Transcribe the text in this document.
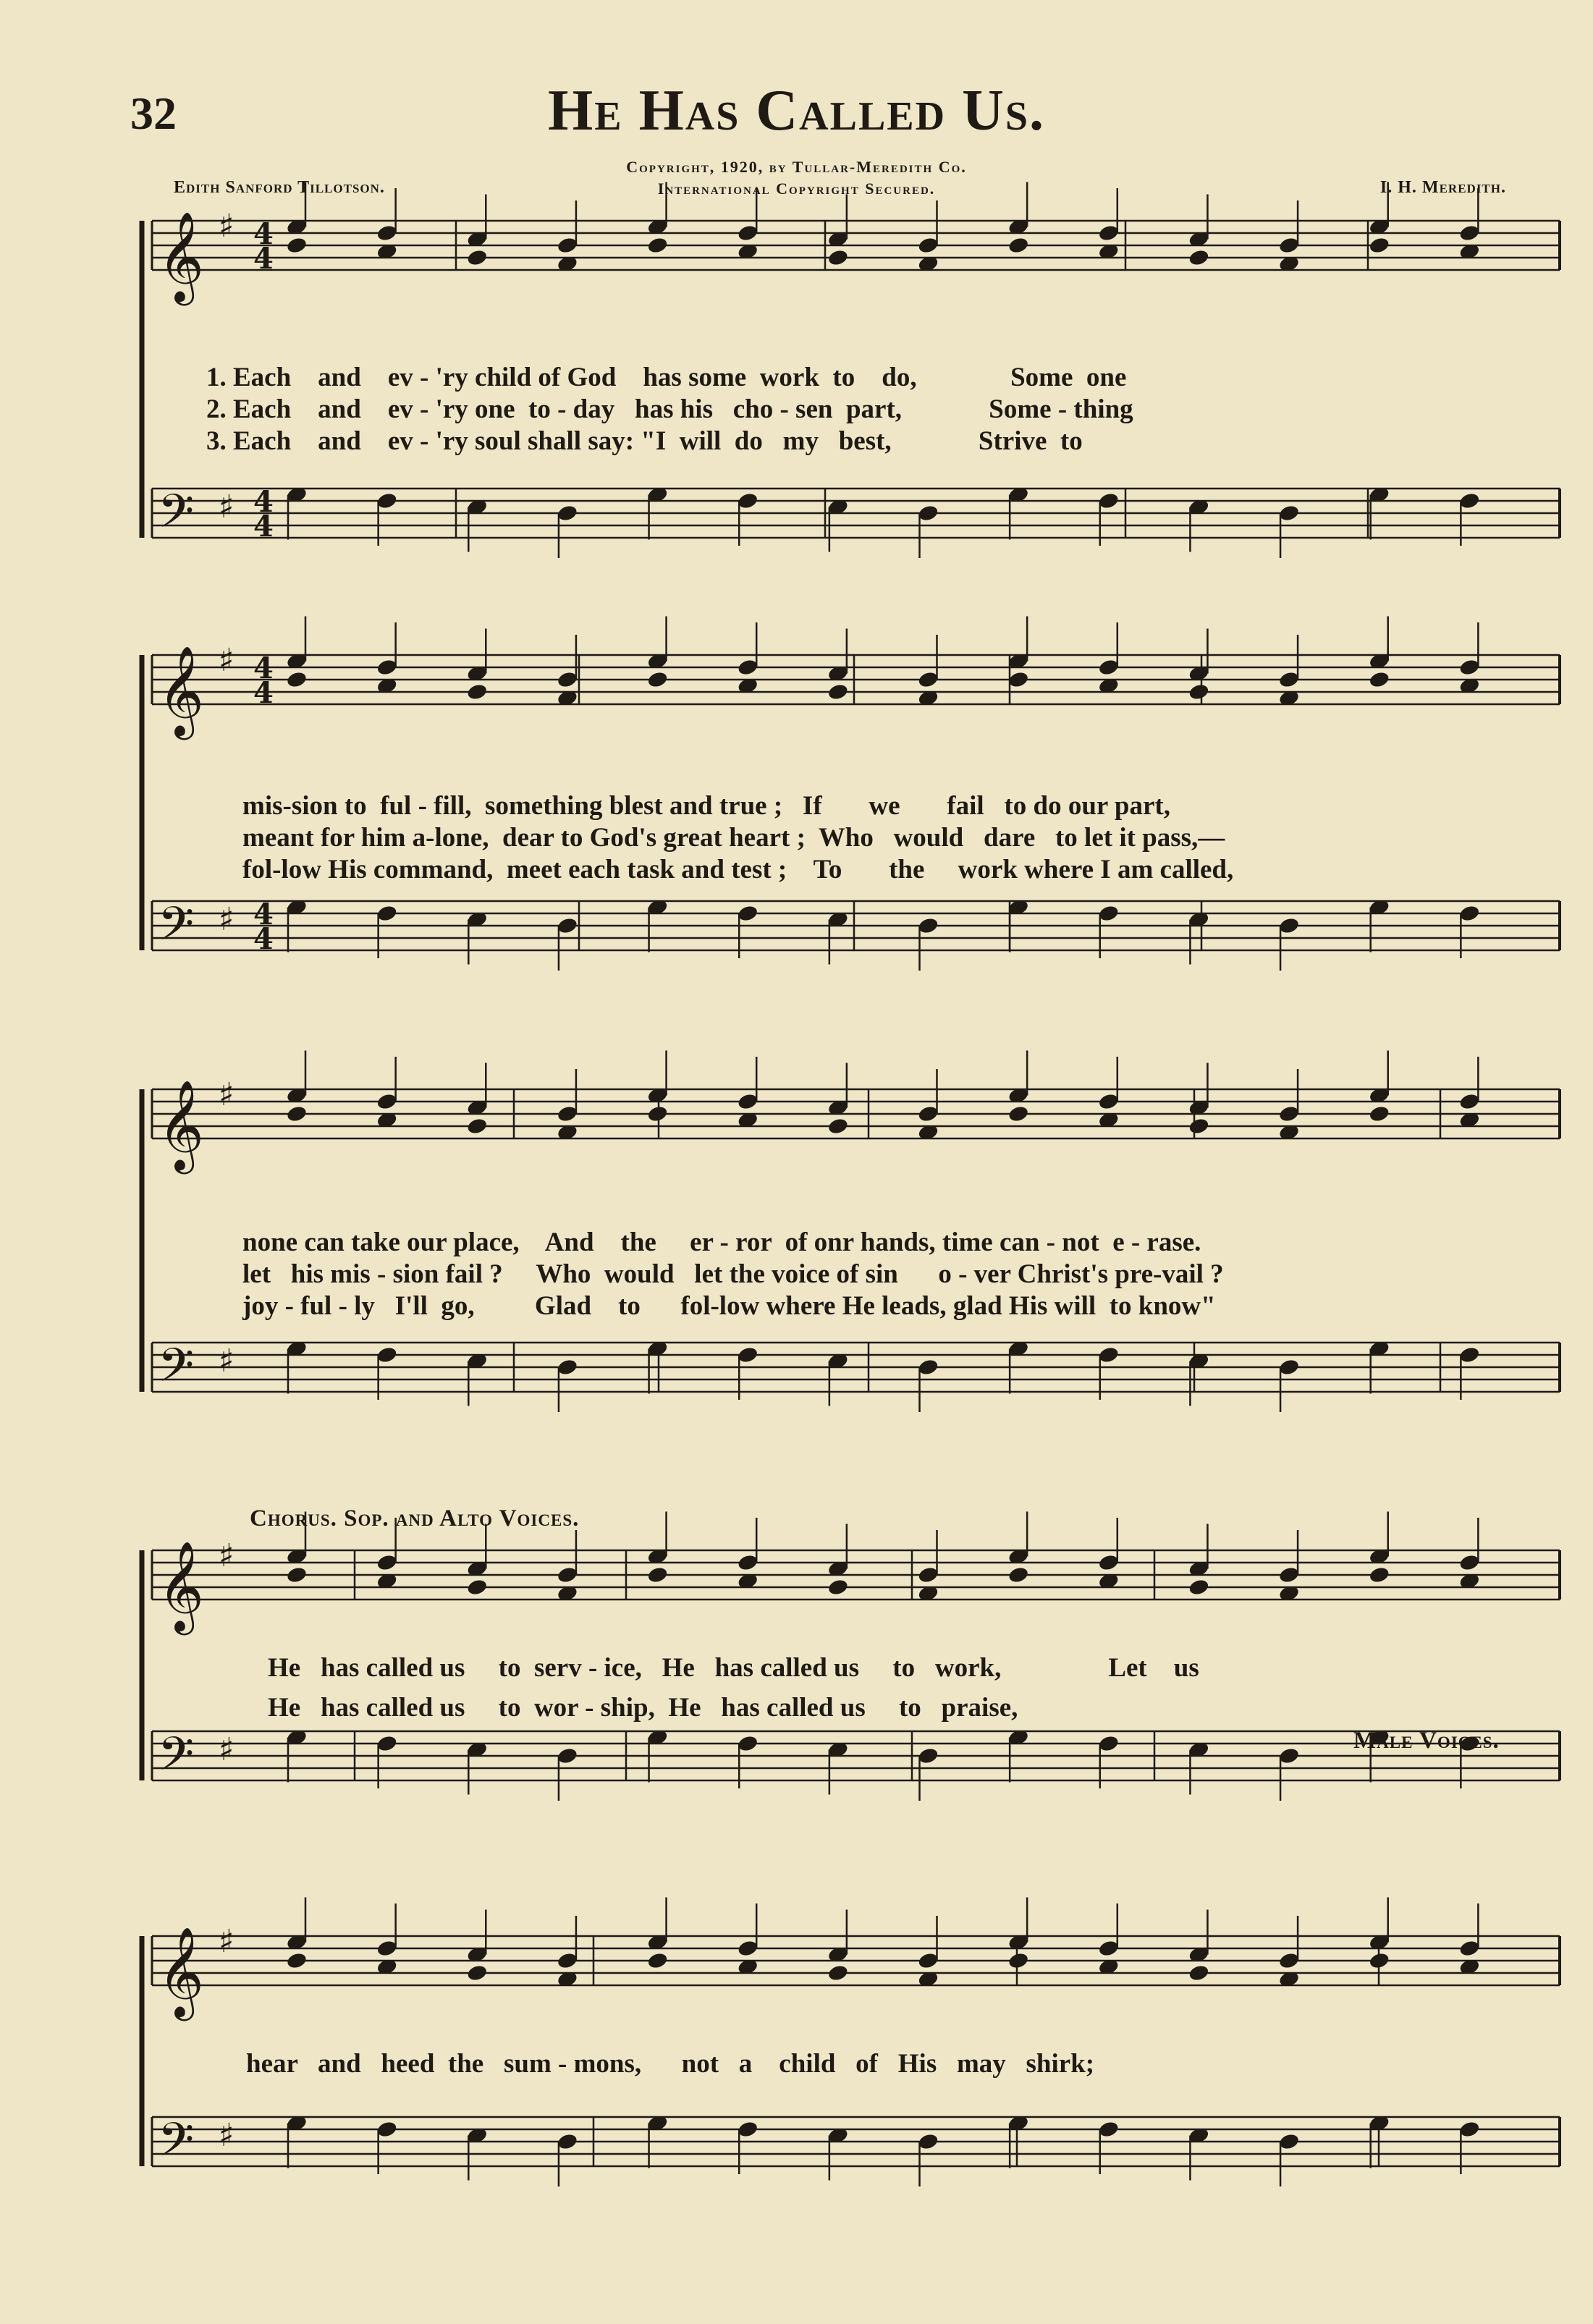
32	He Has Called Us.
Copyright, 1920, by Tullar-Meredith Co.
International Copyright Secured.
Edith Sanford Tillotson.	I. H. Meredith.
𝄞 ♯
𝄢 ♯
𝄞 ♯
𝄢 ♯
𝄞 ♯
𝄢 ♯
𝄞 ♯
𝄢 ♯
𝄞 ♯
𝄢 ♯
4
4
4
4
4
4
4
4
1. Each    and    ev - 'ry child of God    has some  work  to    do,              Some  one
2. Each    and    ev - 'ry one  to - day   has his   cho - sen  part,             Some - thing
3. Each    and    ev - 'ry soul shall say: "I  will  do   my   best,             Strive  to
mis-sion to  ful - fill,  something blest and true ;   If       we       fail   to do our part,
meant for him a-lone,  dear to God's great heart ;  Who   would   dare   to let it pass,—
fol-low His command,  meet each task and test ;    To       the     work where I am called,
none can take our place,    And    the     er - ror  of onr hands, time can - not  e - rase.
let   his mis - sion fail ?     Who  would   let the voice of sin      o - ver Christ's pre-vail ?
joy - ful - ly   I'll  go,         Glad    to      fol-low where He leads, glad His will  to know"
Chorus. Sop. and Alto Voices.
He   has called us     to  serv - ice,   He   has called us     to   work,                Let    us
He   has called us     to  wor - ship,  He   has called us     to   praise,
Male Voices.
hear   and   heed  the   sum - mons,      not   a    child   of   His   may   shirk;
